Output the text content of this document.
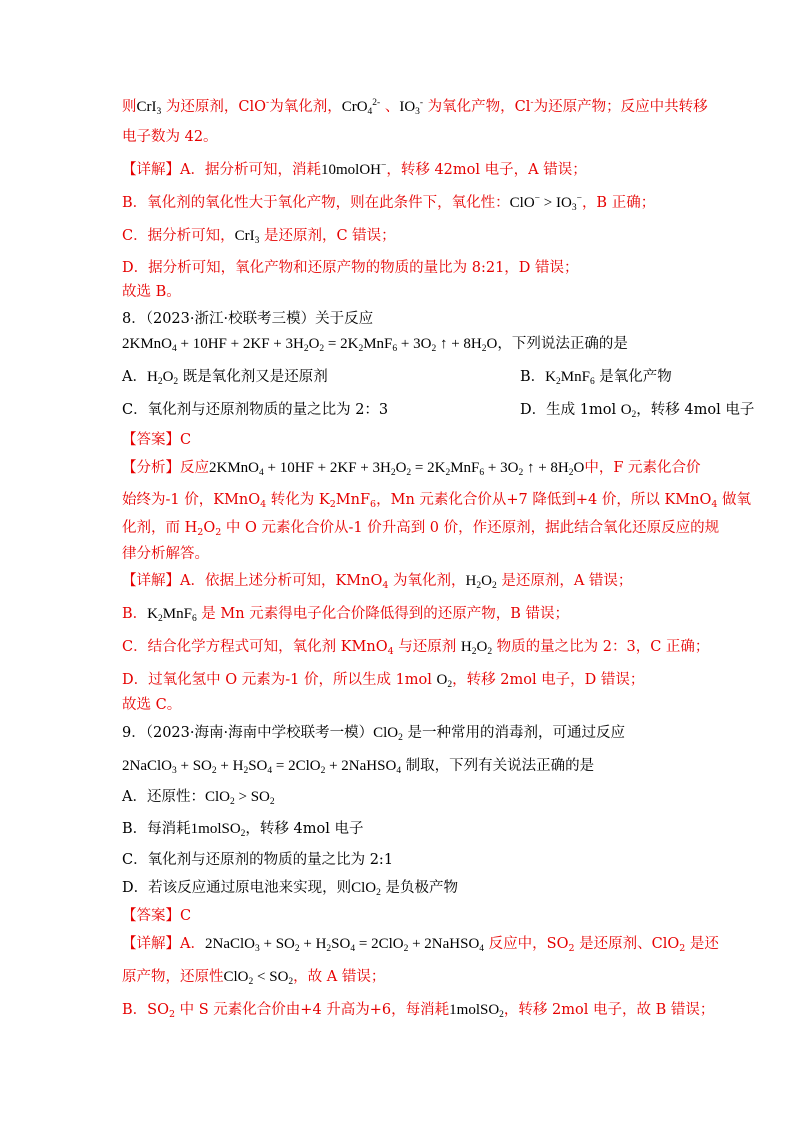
则CrI$_3$ 为还原剂，ClO-为氧化剂，CrO$_4^{2-}$ 、$IO_3^-$ 为氧化产物，Cl-为还原产物；反应中共转移
电子数为 42。
【详解】A．据分析可知，消耗10molOH−，转移 42mol 电子，A 错误；
B．氧化剂的氧化性大于氧化产物，则在此条件下，氧化性：$ClO^- > IO_3^-$，B 正确；
C．据分析可知，CrI$_3$ 是还原剂，C 错误；
D．据分析可知，氧化产物和还原产物的物质的量比为 8:21，D 错误；
故选 B。
8．（2023·浙江·校联考三模）关于反应
2KMnO$_4$ + $10HF + 2KF + 3H_2O_2 = 2K_2MnF_6 + 3O_2$ ↑ + $8H_2O$，下列说法正确的是
A．$H_2O_2$ 既是氧化剂又是还原剂	B．$K_2MnF_6$ 是氧化产物
C．氧化剂与还原剂物质的量之比为 2：3	D．生成 1mol $O_2$，转移 4mol 电子
【答案】C
【分析】反应2KMnO$_4$ + $10HF + 2KF + 3H_2O_2 = 2K_2MnF_6 + 3O_2$ ↑ + $8H_2O$中，F 元素化合价
始终为-1 价，KMnO$_4$ 转化为 $K_2MnF_6$，Mn 元素化合价从+7 降低到+4 价，所以 KMnO$_4$ 做氧
化剂，而 $H_2O_2$ 中 O 元素化合价从-1 价升高到 0 价，作还原剂，据此结合氧化还原反应的规
律分析解答。
【详解】A．依据上述分析可知，KMnO$_4$ 为氧化剂，$H_2O_2$ 是还原剂，A 错误；
B．$K_2MnF_6$ 是 Mn 元素得电子化合价降低得到的还原产物，B 错误；
C．结合化学方程式可知，氧化剂 KMnO$_4$ 与还原剂 $H_2O_2$ 物质的量之比为 2：3，C 正确；
D．过氧化氢中 O 元素为-1 价，所以生成 1mol $O_2$，转移 2mol 电子，D 错误；
故选 C。
9．（2023·海南·海南中学校联考一模）ClO$_2$ 是一种常用的消毒剂，可通过反应
2NaClO$_3$ + $SO_2 + H_2SO_4 = 2ClO_2$ + 2NaHSO$_4$ 制取，下列有关说法正确的是
A．还原性：$ClO_2 > SO_2$
B．每消耗1molSO$_2$，转移 4mol 电子
C．氧化剂与还原剂的物质的量之比为 2:1
D．若该反应通过原电池来实现，则ClO$_2$ 是负极产物
【答案】C
【详解】A．2NaClO$_3$ + $SO_2 + H_2SO_4 = 2ClO_2$ + 2NaHSO$_4$ 反应中，$SO_2$ 是还原剂、ClO$_2$ 是还
原产物，还原性$ClO_2 < SO_2$，故 A 错误；
B．$SO_2$ 中 S 元素化合价由+4 升高为+6，每消耗1molSO$_2$，转移 2mol 电子，故 B 错误；
